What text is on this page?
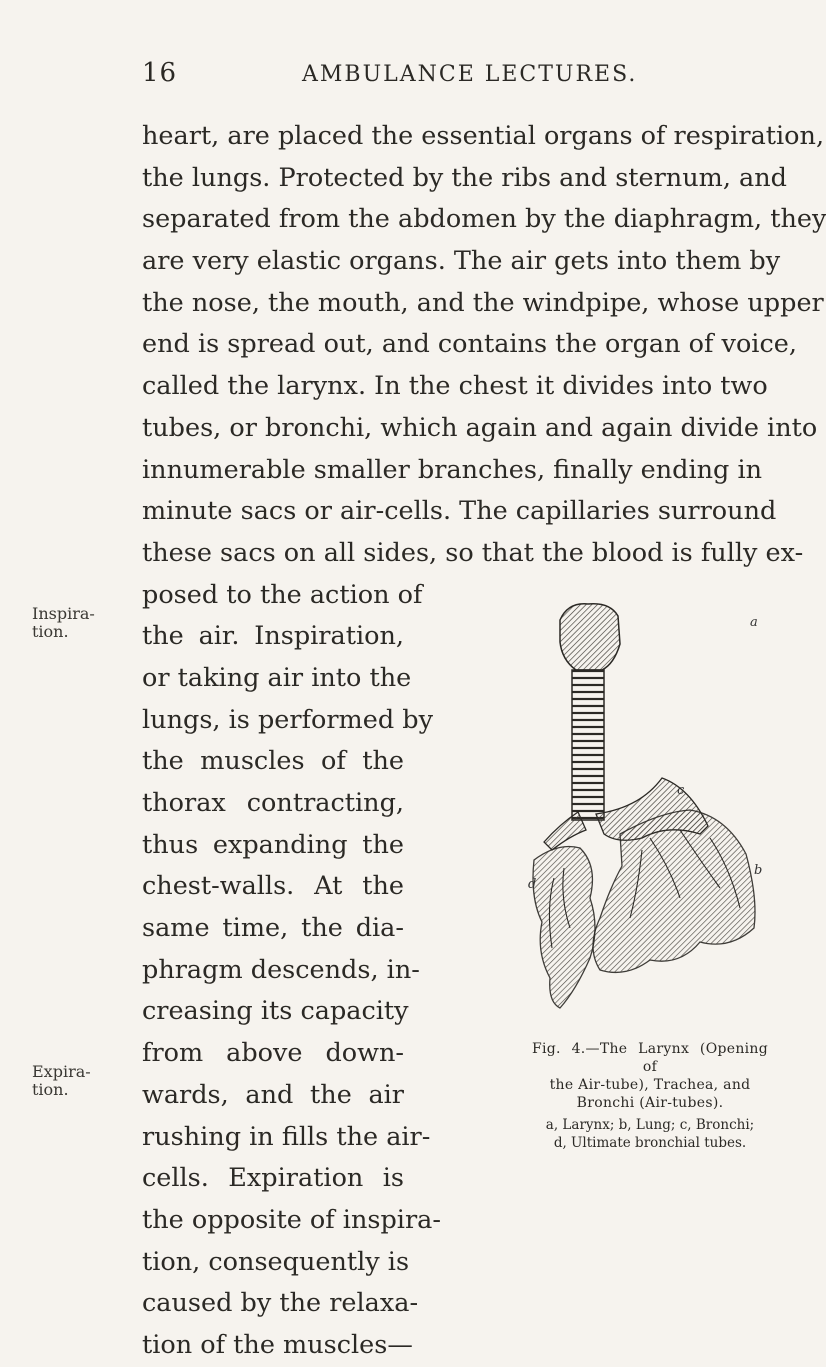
16	AMBULANCE LECTURES.
heart, are placed the essential organs of respiration,
the lungs. Protected by the ribs and sternum, and
separated from the abdomen by the diaphragm, they
are very elastic organs. The air gets into them by
the nose, the mouth, and the windpipe, whose upper
end is spread out, and contains the organ of voice,
called the larynx. In the chest it divides into two
tubes, or bronchi, which again and again divide into
innumerable smaller branches, finally ending in
minute sacs or air-cells. The capillaries surround
these sacs on all sides, so that the blood is fully ex-
posed to the action of
the air. Inspiration,
or taking air into the
lungs, is performed by
the muscles of the
thorax contracting,
thus expanding the
chest-walls. At the
same time, the dia-
phragm descends, in-
creasing its capacity
from above down-
wards, and the air
rushing in fills the air-
cells. Expiration is
the opposite of inspira-
tion, consequently is
caused by the relaxa-
tion of the muscles—
Inspira-
tion.
Expira-
tion.
a
b
c
d
Fig. 4.—The Larynx (Opening of
the Air-tube), Trachea, and
Bronchi (Air-tubes).
a, Larynx; b, Lung; c, Bronchi;
d, Ultimate bronchial tubes.
